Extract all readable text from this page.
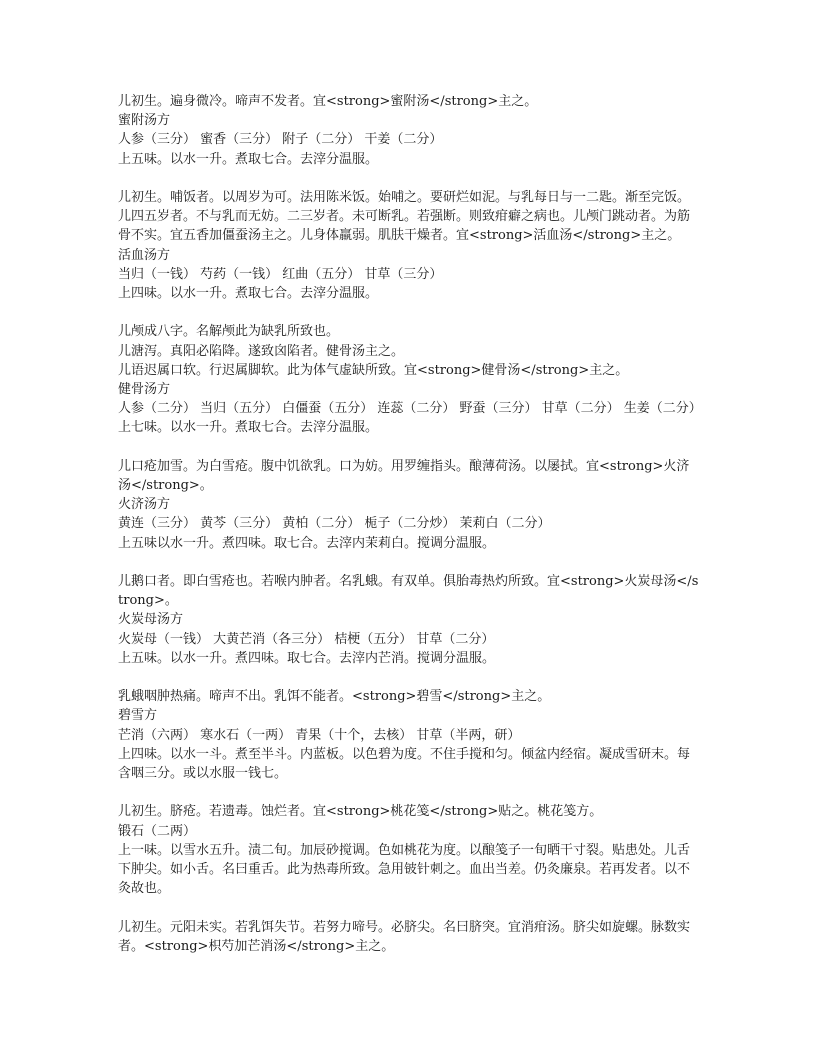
儿初生。遍身微冷。啼声不发者。宜<strong>蜜附汤</strong>主之。

蜜附汤方

人参（三分） 蜜香（三分） 附子（二分） 干姜（二分）

上五味。以水一升。煮取七合。去滓分温服。

儿初生。哺饭者。以周岁为可。法用陈米饭。始哺之。要研烂如泥。与乳每日与一二匙。渐至完饭。儿四五岁者。不与乳而无妨。二三岁者。未可断乳。若强断。则致疳癖之病也。儿颅门跳动者。为筋骨不实。宜五香加僵蚕汤主之。儿身体羸弱。肌肤干燥者。宜<strong>活血汤</strong>主之。

活血汤方

当归（一钱） 芍药（一钱） 红曲（五分） 甘草（三分）

上四味。以水一升。煮取七合。去滓分温服。

儿颅成八字。名解颅此为缺乳所致也。

儿溏泻。真阳必陷降。遂致囟陷者。健骨汤主之。

儿语迟属口软。行迟属脚软。此为体气虚缺所致。宜<strong>健骨汤</strong>主之。

健骨汤方

人参（二分） 当归（五分） 白僵蚕（五分） 连蕊（二分） 野蚕（三分） 甘草（二分） 生姜（二分）

上七味。以水一升。煮取七合。去滓分温服。

儿口疮加雪。为白雪疮。腹中饥欲乳。口为妨。用罗缠指头。酿薄荷汤。以屡拭。宜<strong>火济汤</strong>。

火济汤方

黄连（三分） 黄芩（三分） 黄柏（二分） 栀子（二分炒） 茉莉白（二分）

上五味以水一升。煮四味。取七合。去滓内茉莉白。搅调分温服。

儿鹅口者。即白雪疮也。若喉内肿者。名乳蛾。有双单。俱胎毒热灼所致。宜<strong>火炭母汤</strong>。

火炭母汤方

火炭母（一钱） 大黄芒消（各三分） 桔梗（五分） 甘草（二分）

上五味。以水一升。煮四味。取七合。去滓内芒消。搅调分温服。

乳蛾咽肿热痛。啼声不出。乳饵不能者。<strong>碧雪</strong>主之。

碧雪方

芒消（六两） 寒水石（一两） 青果（十个，去核） 甘草（半两，研）

上四味。以水一斗。煮至半斗。内蓝板。以色碧为度。不住手搅和匀。倾盆内经宿。凝成雪研末。每含咽三分。或以水服一钱七。

儿初生。脐疮。若遗毒。蚀烂者。宜<strong>桃花笺</strong>贴之。桃花笺方。

锻石（二两）

上一味。以雪水五升。渍二旬。加辰砂搅调。色如桃花为度。以酿笺子一旬晒干寸裂。贴患处。儿舌下肿尖。如小舌。名曰重舌。此为热毒所致。急用铍针刺之。血出当差。仍灸廉泉。若再发者。以不灸故也。

儿初生。元阳未实。若乳饵失节。若努力啼号。必脐尖。名曰脐突。宜消疳汤。脐尖如旋螺。脉数实者。<strong>枳芍加芒消汤</strong>主之。
